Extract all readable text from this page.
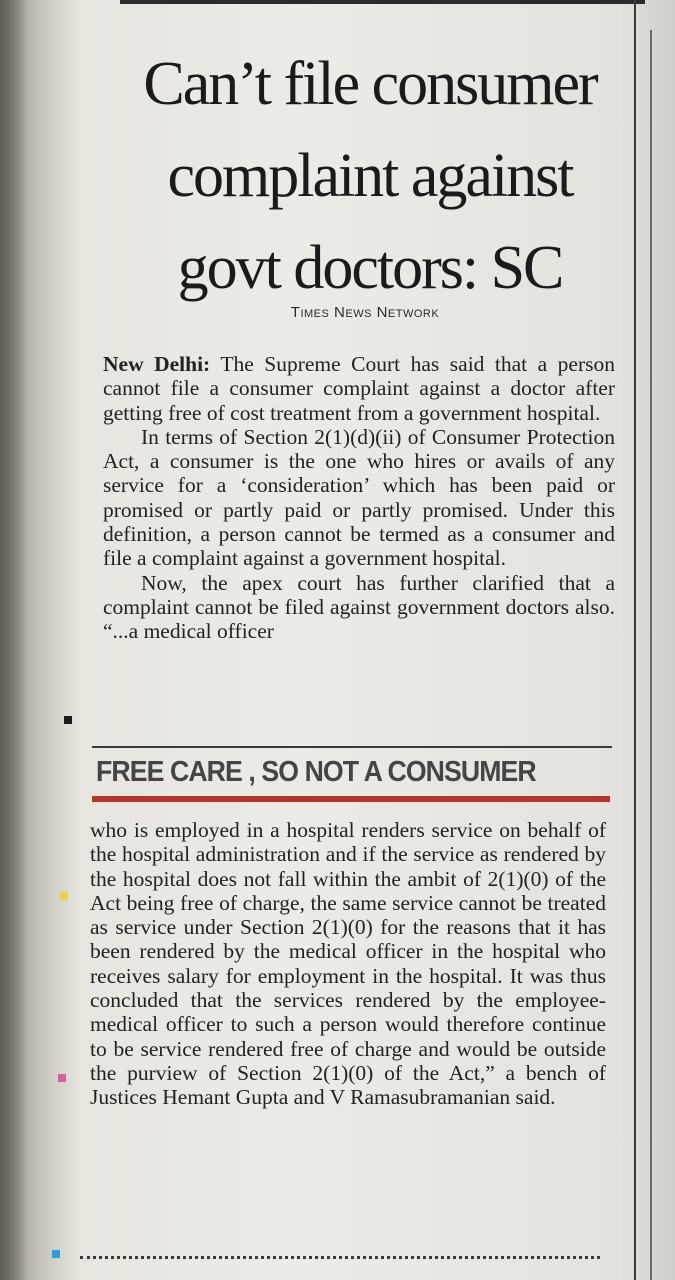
Can’t file consumer
complaint against
govt doctors: SC
Times News Network

New Delhi: The Supreme Court has said that a person cannot file a consumer complaint against a doctor after getting free of cost treatment from a government hospital.

In terms of Section 2(1)(d)(ii) of Consumer Protection Act, a consumer is the one who hires or avails of any service for a ‘consideration’ which has been paid or promised or partly paid or partly promised. Under this definition, a person cannot be termed as a consumer and file a complaint against a government hospital.

Now, the apex court has further clarified that a complaint cannot be filed against government doctors also. “...a medical officer

FREE CARE , SO NOT A CONSUMER

who is employed in a hospital renders service on behalf of the hospital administration and if the service as rendered by the hospital does not fall within the ambit of 2(1)(0) of the Act being free of charge, the same service cannot be treated as service under Section 2(1)(0) for the reasons that it has been rendered by the medical officer in the hospital who receives salary for employment in the hospital. It was thus concluded that the services rendered by the employee-medical officer to such a person would therefore continue to be service rendered free of charge and would be outside the purview of Section 2(1)(0) of the Act,” a bench of Justices Hemant Gupta and V Ramasubramanian said.
